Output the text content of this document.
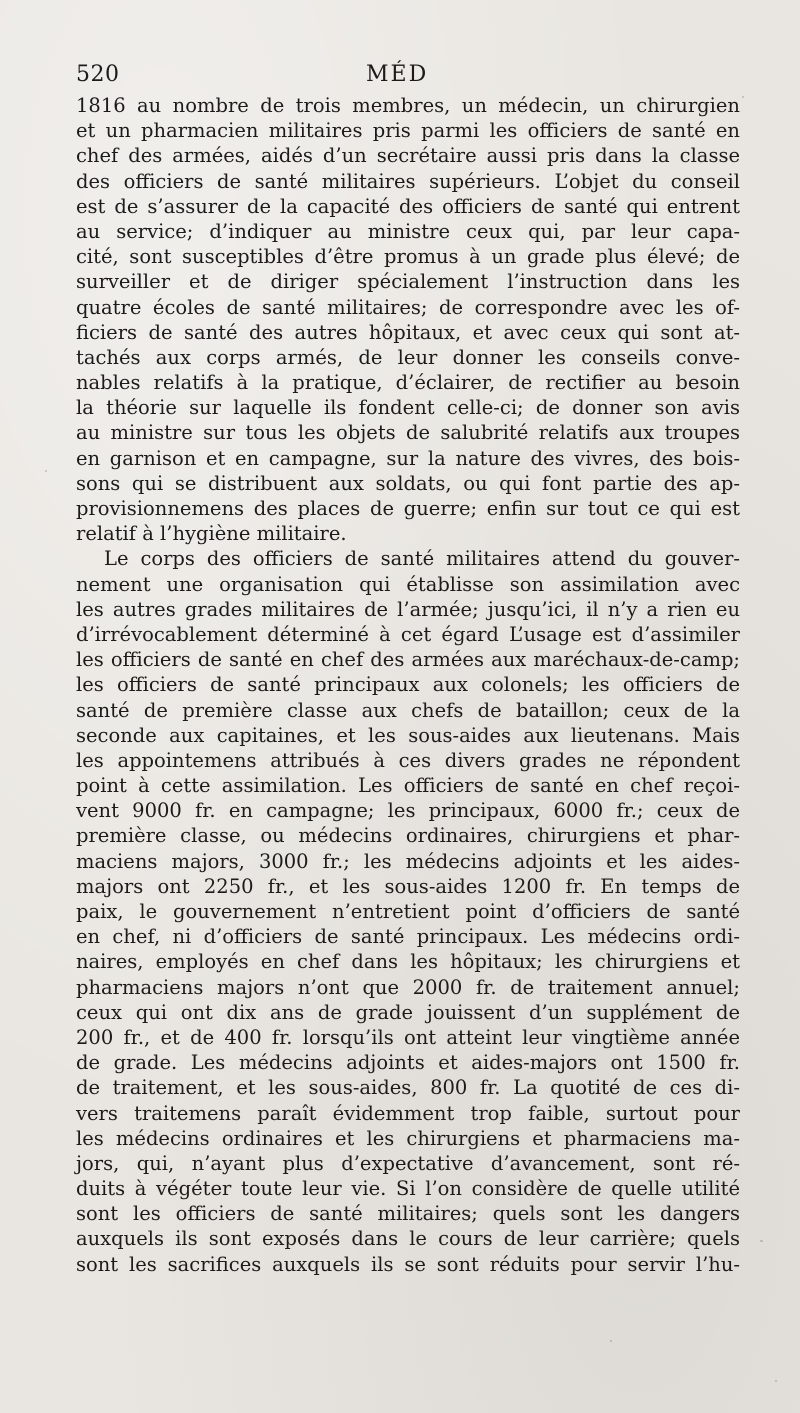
520	MÉD
1816 au nombre de trois membres, un médecin, un chirurgien
et un pharmacien militaires pris parmi les officiers de santé en
chef des armées, aidés d’un secrétaire aussi pris dans la classe
des officiers de santé militaires supérieurs. L’objet du conseil
est de s’assurer de la capacité des officiers de santé qui entrent
au service; d’indiquer au ministre ceux qui, par leur capa-
cité, sont susceptibles d’être promus à un grade plus élevé; de
surveiller et de diriger spécialement l’instruction dans les
quatre écoles de santé militaires; de correspondre avec les of-
ficiers de santé des autres hôpitaux, et avec ceux qui sont at-
tachés aux corps armés, de leur donner les conseils conve-
nables relatifs à la pratique, d’éclairer, de rectifier au besoin
la théorie sur laquelle ils fondent celle-ci; de donner son avis
au ministre sur tous les objets de salubrité relatifs aux troupes
en garnison et en campagne, sur la nature des vivres, des bois-
sons qui se distribuent aux soldats, ou qui font partie des ap-
provisionnemens des places de guerre; enfin sur tout ce qui est
relatif à l’hygiène militaire.
Le corps des officiers de santé militaires attend du gouver-
nement une organisation qui établisse son assimilation avec
les autres grades militaires de l’armée; jusqu’ici, il n’y a rien eu
d’irrévocablement déterminé à cet égard L’usage est d’assimiler
les officiers de santé en chef des armées aux maréchaux-de-camp;
les officiers de santé principaux aux colonels; les officiers de
santé de première classe aux chefs de bataillon; ceux de la
seconde aux capitaines, et les sous-aides aux lieutenans. Mais
les appointemens attribués à ces divers grades ne répondent
point à cette assimilation. Les officiers de santé en chef reçoi-
vent 9000 fr. en campagne; les principaux, 6000 fr.; ceux de
première classe, ou médecins ordinaires, chirurgiens et phar-
maciens majors, 3000 fr.; les médecins adjoints et les aides-
majors ont 2250 fr., et les sous-aides 1200 fr. En temps de
paix, le gouvernement n’entretient point d’officiers de santé
en chef, ni d’officiers de santé principaux. Les médecins ordi-
naires, employés en chef dans les hôpitaux; les chirurgiens et
pharmaciens majors n’ont que 2000 fr. de traitement annuel;
ceux qui ont dix ans de grade jouissent d’un supplément de
200 fr., et de 400 fr. lorsqu’ils ont atteint leur vingtième année
de grade. Les médecins adjoints et aides-majors ont 1500 fr.
de traitement, et les sous-aides, 800 fr. La quotité de ces di-
vers traitemens paraît évidemment trop faible, surtout pour
les médecins ordinaires et les chirurgiens et pharmaciens ma-
jors, qui, n’ayant plus d’expectative d’avancement, sont ré-
duits à végéter toute leur vie. Si l’on considère de quelle utilité
sont les officiers de santé militaires; quels sont les dangers
auxquels ils sont exposés dans le cours de leur carrière; quels
sont les sacrifices auxquels ils se sont réduits pour servir l’hu-
